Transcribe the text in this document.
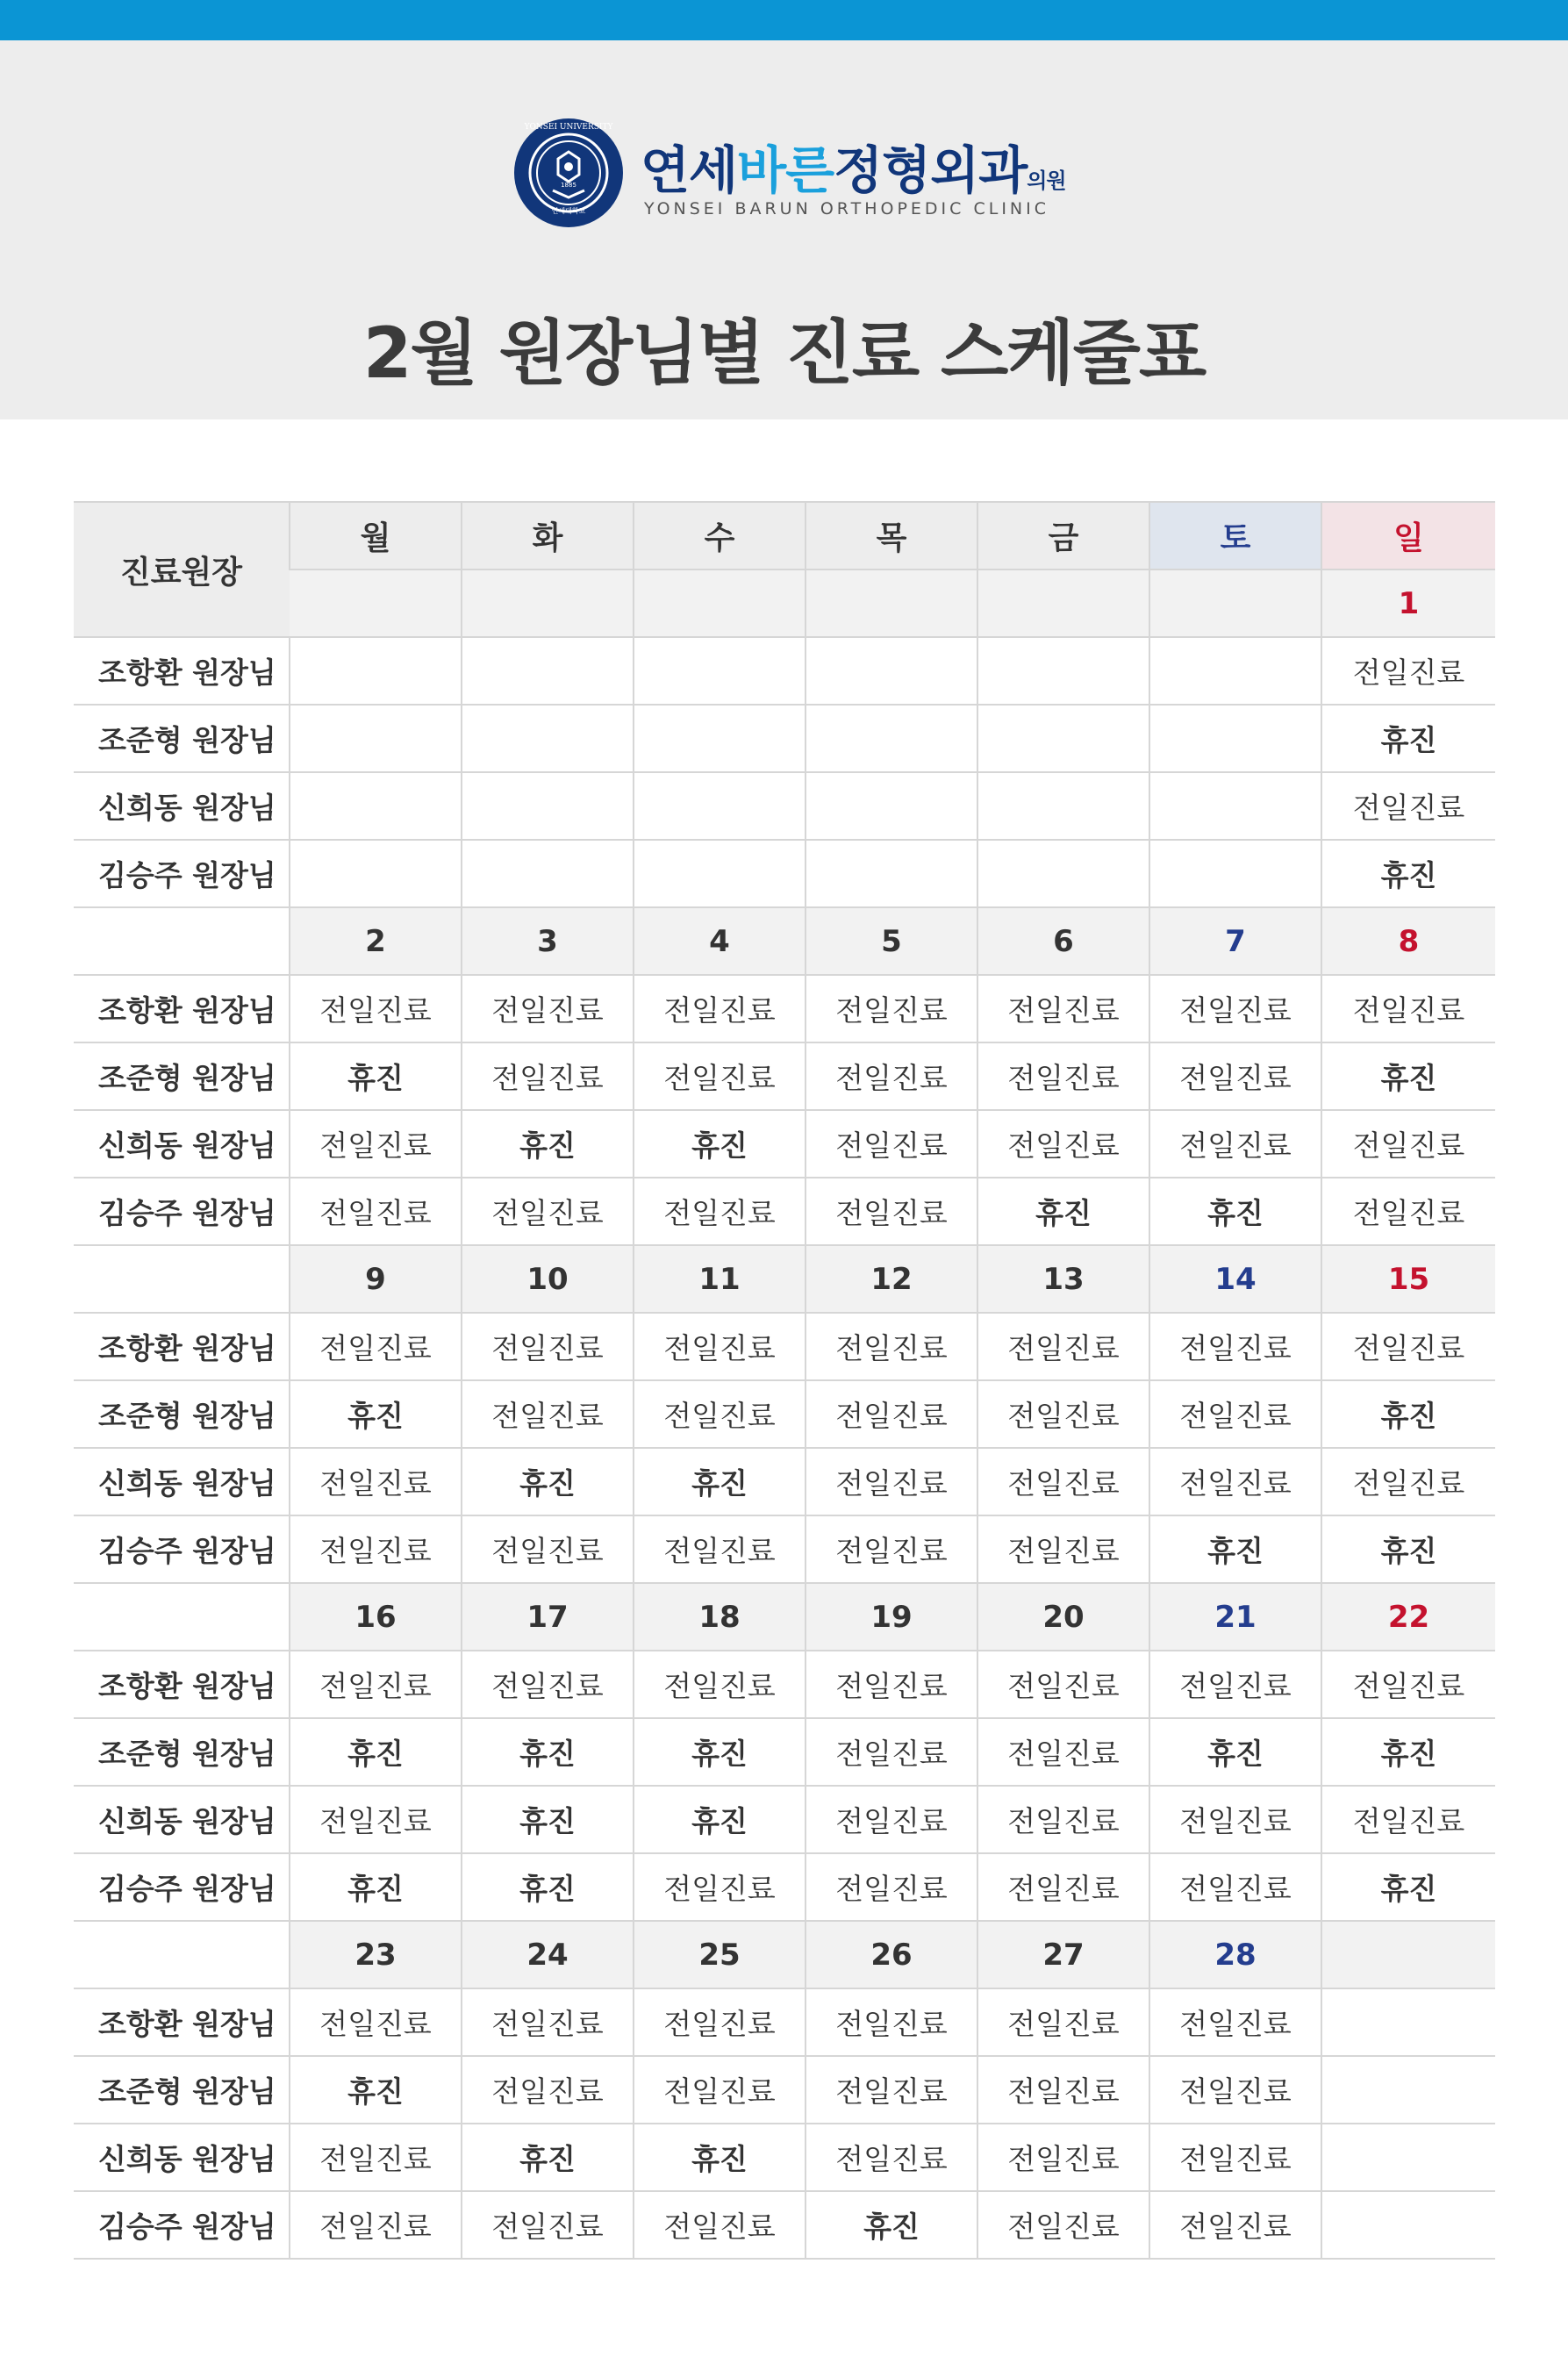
YONSEI UNIVERSITY
연세대학교
1885 연세바른정형외과의원
YONSEI BARUN ORTHOPEDIC CLINIC
2월 원장님별 진료 스케줄표
진료원장	월	화	수	목	금	토	일
							1
조항환 원장님							전일진료
조준형 원장님							휴진
신희동 원장님							전일진료
김승주 원장님							휴진
	2	3	4	5	6	7	8
조항환 원장님	전일진료	전일진료	전일진료	전일진료	전일진료	전일진료	전일진료
조준형 원장님	휴진	전일진료	전일진료	전일진료	전일진료	전일진료	휴진
신희동 원장님	전일진료	휴진	휴진	전일진료	전일진료	전일진료	전일진료
김승주 원장님	전일진료	전일진료	전일진료	전일진료	휴진	휴진	전일진료
	9	10	11	12	13	14	15
조항환 원장님	전일진료	전일진료	전일진료	전일진료	전일진료	전일진료	전일진료
조준형 원장님	휴진	전일진료	전일진료	전일진료	전일진료	전일진료	휴진
신희동 원장님	전일진료	휴진	휴진	전일진료	전일진료	전일진료	전일진료
김승주 원장님	전일진료	전일진료	전일진료	전일진료	전일진료	휴진	휴진
	16	17	18	19	20	21	22
조항환 원장님	전일진료	전일진료	전일진료	전일진료	전일진료	전일진료	전일진료
조준형 원장님	휴진	휴진	휴진	전일진료	전일진료	휴진	휴진
신희동 원장님	전일진료	휴진	휴진	전일진료	전일진료	전일진료	전일진료
김승주 원장님	휴진	휴진	전일진료	전일진료	전일진료	전일진료	휴진
	23	24	25	26	27	28	
조항환 원장님	전일진료	전일진료	전일진료	전일진료	전일진료	전일진료	
조준형 원장님	휴진	전일진료	전일진료	전일진료	전일진료	전일진료	
신희동 원장님	전일진료	휴진	휴진	전일진료	전일진료	전일진료	
김승주 원장님	전일진료	전일진료	전일진료	휴진	전일진료	전일진료	
